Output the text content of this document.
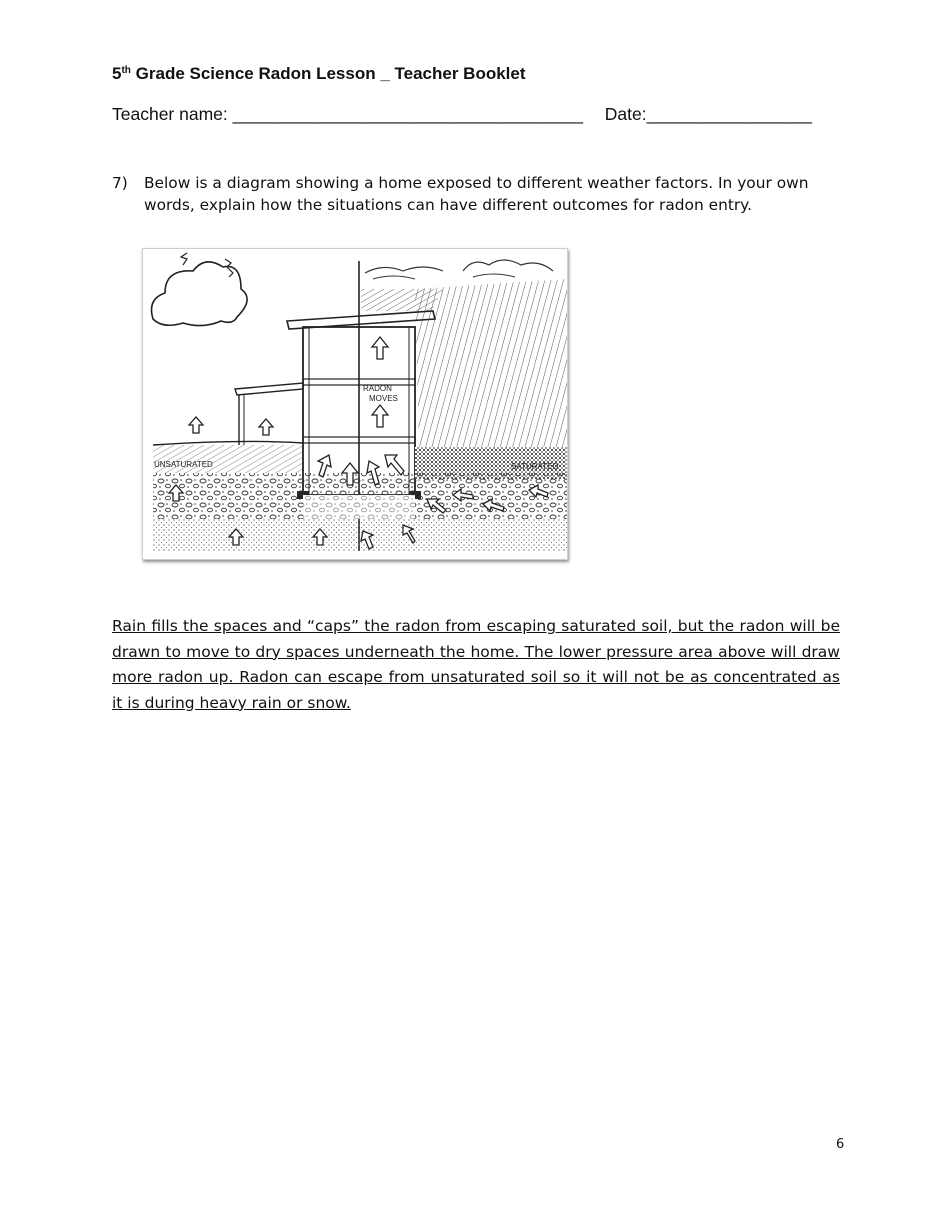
5th Grade Science Radon Lesson _ Teacher Booklet
Teacher name: ____________________________________ Date:_________________
7) Below is a diagram showing a home exposed to different weather factors. In your own words, explain how the situations can have different outcomes for radon entry.
RADON
MOVES
UNSATURATED	SATURATED
Rain fills the spaces and “caps” the radon from escaping saturated soil, but the radon will be drawn to move to dry spaces underneath the home. The lower pressure area above will draw more radon up. Radon can escape from unsaturated soil so it will not be as concentrated as it is during heavy rain or snow.
6
